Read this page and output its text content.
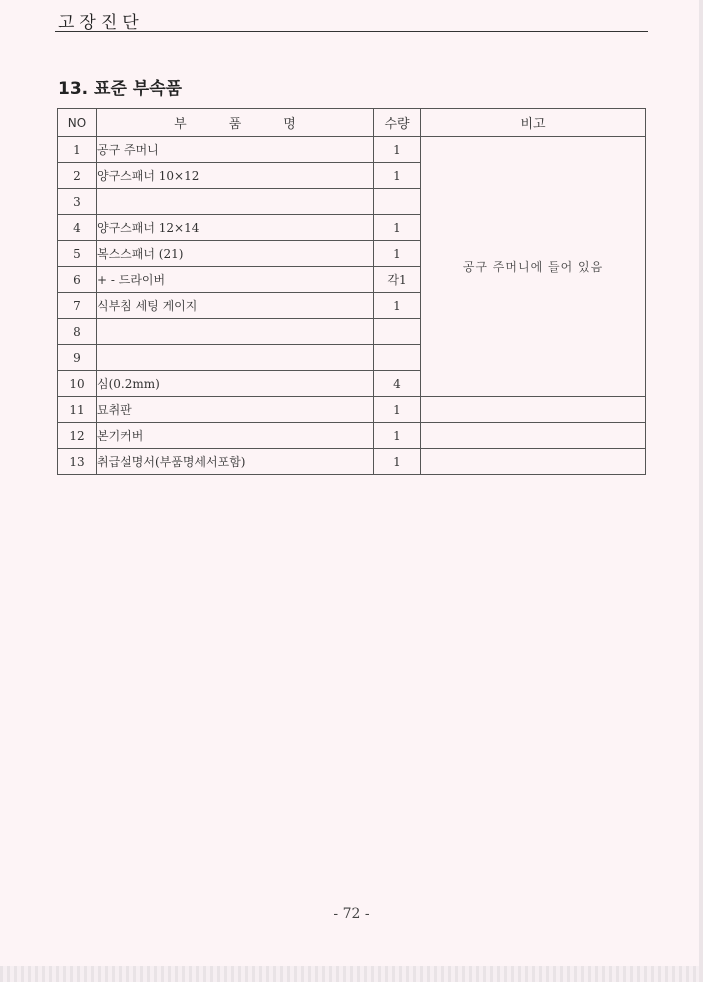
고장진단
13. 표준 부속품
NO	부품명	수량	비고
1	공구 주머니	1	공구 주머니에 들어 있음
2	양구스패너 10×12	1	
3			
4	양구스패너 12×14	1	
5	복스스패너 (21)	1	
6	+ - 드라이버	각1	
7	식부침 세팅 게이지	1	
8			
9			
10	심(0.2mm)	4	
11	묘취판	1	
12	본기커버	1	
13	취급설명서(부품명세서포함)	1	
- 72 -
